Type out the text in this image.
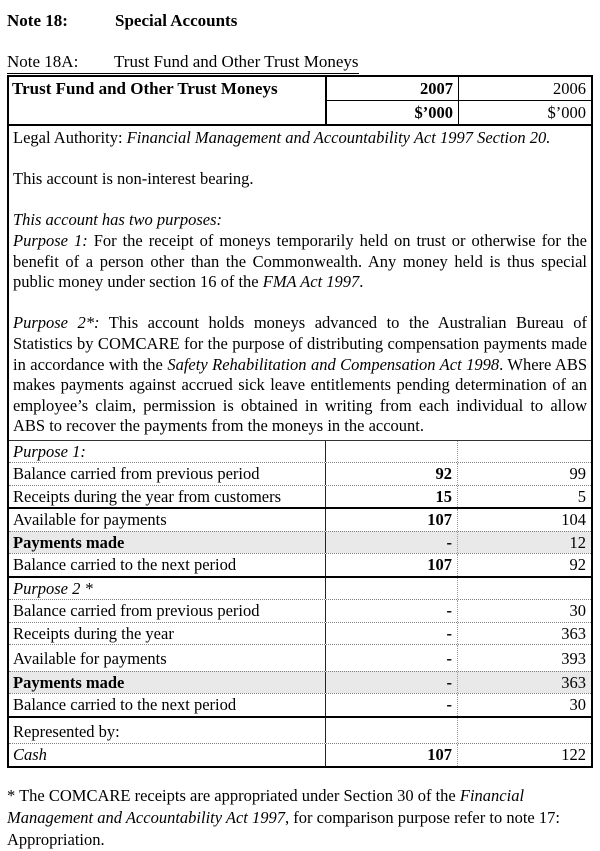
Note 18:	Special Accounts
Note 18A: Trust Fund and Other Trust Moneys
Trust Fund and Other Trust Moneys	2007	2006
$’000	$’000
Legal Authority: Financial Management and Accountability Act 1997 Section 20.
This account is non-interest bearing.
This account has two purposes:
Purpose 1: For the receipt of moneys temporarily held on trust or otherwise for the benefit of a person other than the Commonwealth. Any money held is thus special public money under section 16 of the FMA Act 1997.
Purpose 2*: This account holds moneys advanced to the Australian Bureau of Statistics by COMCARE for the purpose of distributing compensation payments made in accordance with the Safety Rehabilitation and Compensation Act 1998. Where ABS makes payments against accrued sick leave entitlements pending determination of an employee’s claim, permission is obtained in writing from each individual to allow ABS to recover the payments from the moneys in the account.
Purpose 1:
Balance carried from previous period	92	99
Receipts during the year from customers	15	5
Available for payments	107	104
Payments made	-	12
Balance carried to the next period	107	92
Purpose 2 *
Balance carried from previous period	-	30
Receipts during the year	-	363
Available for payments	-	393
Payments made	-	363
Balance carried to the next period	-	30
Represented by:
Cash	107	122
* The COMCARE receipts are appropriated under Section 30 of the Financial Management and Accountability Act 1997, for comparison purpose refer to note 17: Appropriation.
